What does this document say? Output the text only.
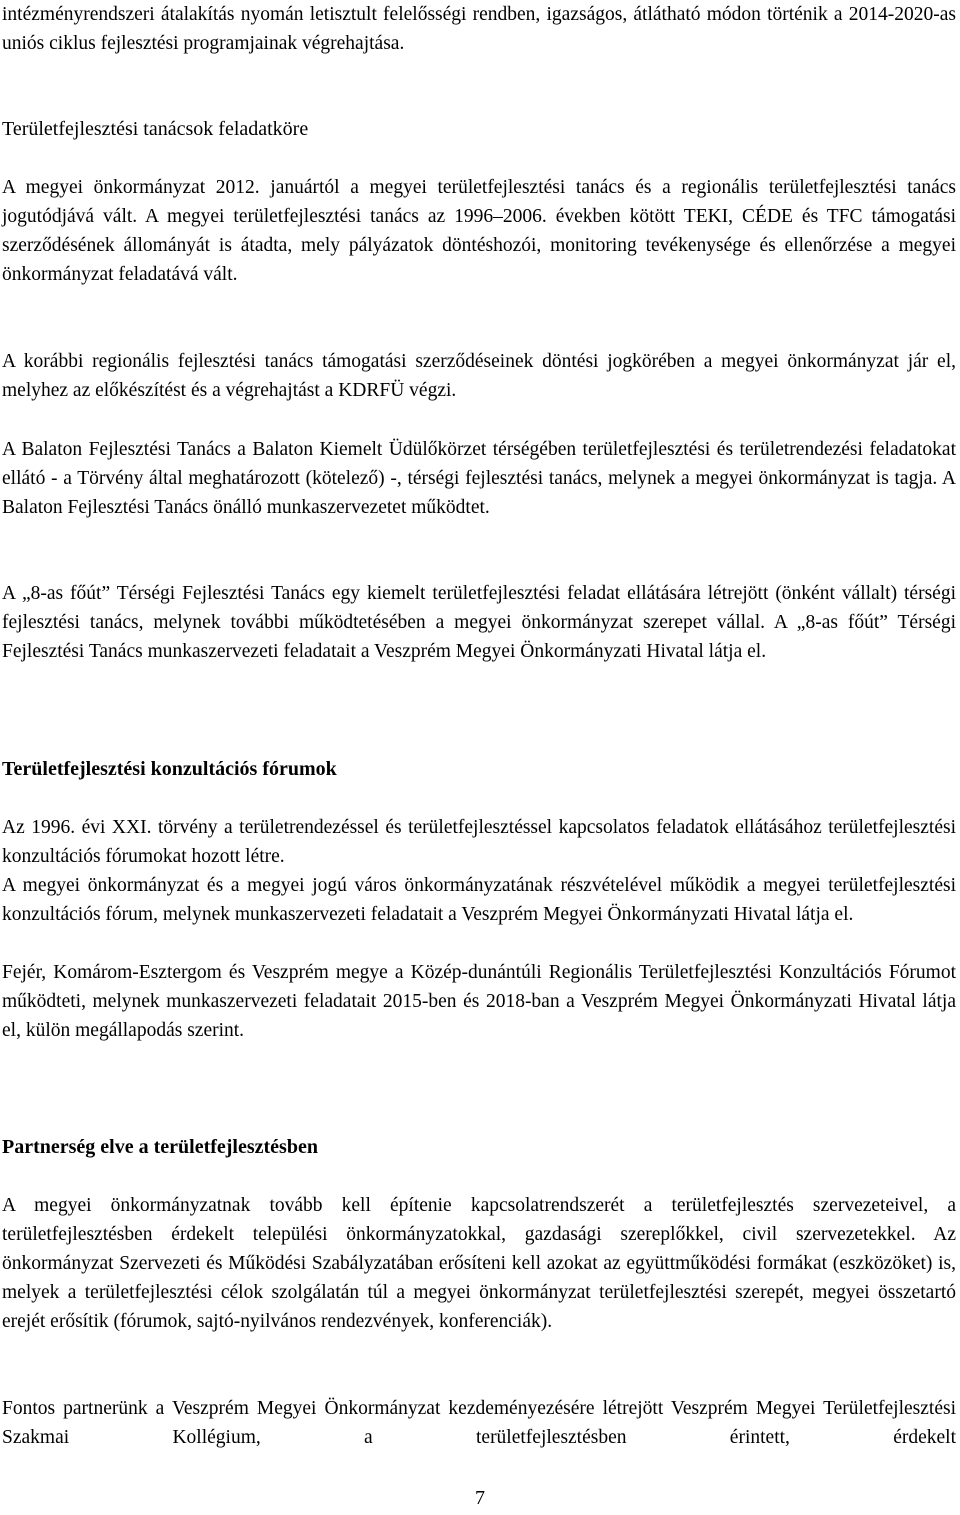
intézményrendszeri átalakítás nyomán letisztult felelősségi rendben, igazságos, átlátható módon történik a 2014-2020-as uniós ciklus fejlesztési programjainak végrehajtása.

Területfejlesztési tanácsok feladatköre

A megyei önkormányzat 2012. januártól a megyei területfejlesztési tanács és a regionális területfejlesztési tanács jogutódjává vált. A megyei területfejlesztési tanács az 1996–2006. években kötött TEKI, CÉDE és TFC támogatási szerződésének állományát is átadta, mely pályázatok döntéshozói, monitoring tevékenysége és ellenőrzése a megyei önkormányzat feladatává vált.

A korábbi regionális fejlesztési tanács támogatási szerződéseinek döntési jogkörében a megyei önkormányzat jár el, melyhez az előkészítést és a végrehajtást a KDRFÜ végzi.

A Balaton Fejlesztési Tanács a Balaton Kiemelt Üdülőkörzet térségében területfejlesztési és területrendezési feladatokat ellátó - a Törvény által meghatározott (kötelező) -, térségi fejlesztési tanács, melynek a megyei önkormányzat is tagja. A Balaton Fejlesztési Tanács önálló munkaszervezetet működtet.

A „8-as főút” Térségi Fejlesztési Tanács egy kiemelt területfejlesztési feladat ellátására létrejött (önként vállalt) térségi fejlesztési tanács, melynek további működtetésében a megyei önkormányzat szerepet vállal. A „8-as főút” Térségi Fejlesztési Tanács munkaszervezeti feladatait a Veszprém Megyei Önkormányzati Hivatal látja el.

Területfejlesztési konzultációs fórumok

Az 1996. évi XXI. törvény a területrendezéssel és területfejlesztéssel kapcsolatos feladatok ellátásához területfejlesztési konzultációs fórumokat hozott létre.

A megyei önkormányzat és a megyei jogú város önkormányzatának részvételével működik a megyei területfejlesztési konzultációs fórum, melynek munkaszervezeti feladatait a Veszprém Megyei Önkormányzati Hivatal látja el.

Fejér, Komárom-Esztergom és Veszprém megye a Közép-dunántúli Regionális Területfejlesztési Konzultációs Fórumot működteti, melynek munkaszervezeti feladatait 2015-ben és 2018-ban a Veszprém Megyei Önkormányzati Hivatal látja el, külön megállapodás szerint.

Partnerség elve a területfejlesztésben

A megyei önkormányzatnak tovább kell építenie kapcsolatrendszerét a területfejlesztés szervezeteivel, a területfejlesztésben érdekelt települési önkormányzatokkal, gazdasági szereplőkkel, civil szervezetekkel. Az önkormányzat Szervezeti és Működési Szabályzatában erősíteni kell azokat az együttműködési formákat (eszközöket) is, melyek a területfejlesztési célok szolgálatán túl a megyei önkormányzat területfejlesztési szerepét, megyei összetartó erejét erősítik (fórumok, sajtó-nyilvános rendezvények, konferenciák).

Fontos partnerünk a Veszprém Megyei Önkormányzat kezdeményezésére létrejött Veszprém Megyei Területfejlesztési Szakmai Kollégium, a területfejlesztésben érintett, érdekelt

7
